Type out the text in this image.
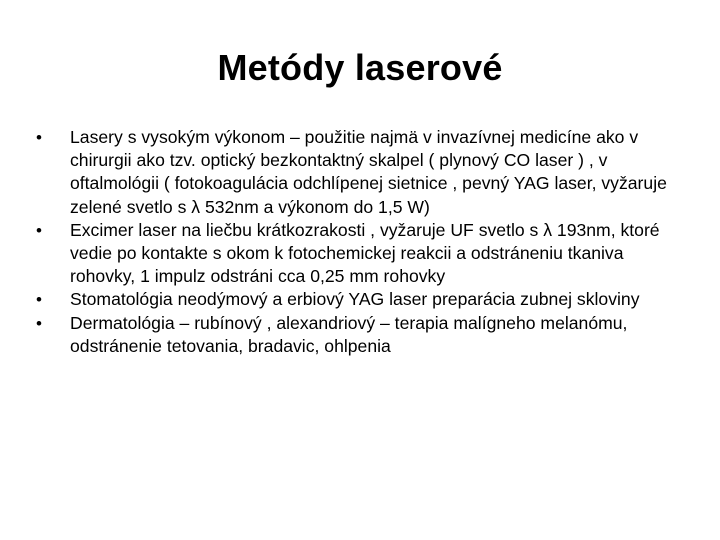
Metódy laserové
•	Lasery s vysokým výkonom – použitie najmä v invazívnej medicíne ako v chirurgii ako tzv. optický bezkontaktný skalpel ( plynový CO laser ) , v oftalmológii ( fotokoagulácia odchlípenej sietnice , pevný YAG laser, vyžaruje zelené svetlo s λ 532nm a výkonom do 1,5 W)
•	Excimer laser na liečbu krátkozrakosti , vyžaruje UF svetlo s λ 193nm, ktoré vedie po kontakte s okom k fotochemickej reakcii a odstráneniu tkaniva rohovky, 1 impulz odstráni cca 0,25 mm rohovky
•	Stomatológia neodýmový a erbiový YAG laser preparácia zubnej skloviny
•	Dermatológia – rubínový , alexandriový – terapia malígneho melanómu, odstránenie tetovania, bradavic, ohlpenia
